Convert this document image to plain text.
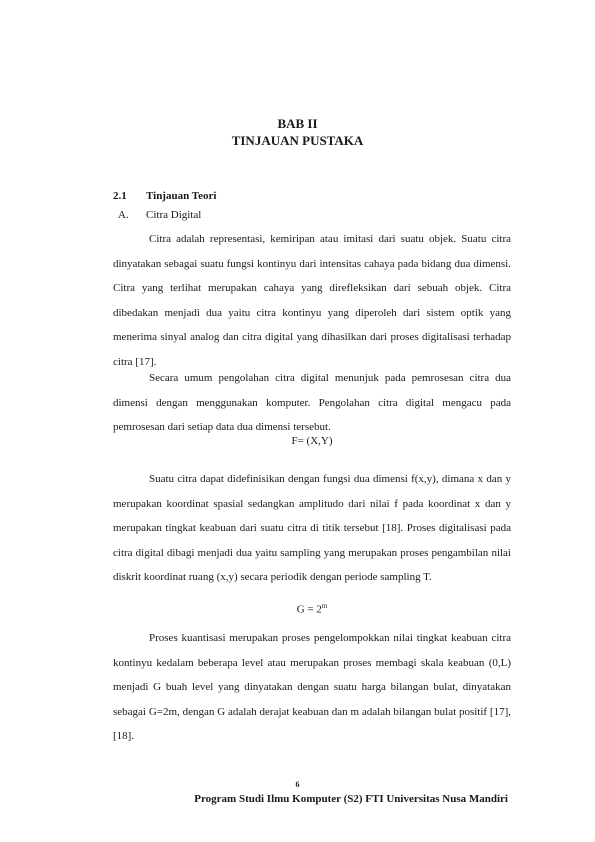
BAB II
TINJAUAN PUSTAKA
2.1 Tinjauan Teori
A. Citra Digital

Citra adalah representasi, kemiripan atau imitasi dari suatu objek. Suatu citra dinyatakan sebagai suatu fungsi kontinyu dari intensitas cahaya pada bidang dua dimensi. Citra yang terlihat merupakan cahaya yang direfleksikan dari sebuah objek. Citra dibedakan menjadi dua yaitu citra kontinyu yang diperoleh dari sistem optik yang menerima sinyal analog dan citra digital yang dihasilkan dari proses digitalisasi terhadap citra [17].

Secara umum pengolahan citra digital menunjuk pada pemrosesan citra dua dimensi dengan menggunakan komputer. Pengolahan citra digital mengacu pada pemrosesan dari setiap data dua dimensi tersebut.

F= (X,Y)

Suatu citra dapat didefinisikan dengan fungsi dua dimensi f(x,y), dimana x dan y merupakan koordinat spasial sedangkan amplitudo dari nilai f pada koordinat x dan y merupakan tingkat keabuan dari suatu citra di titik tersebut [18]. Proses digitalisasi pada citra digital dibagi menjadi dua yaitu sampling yang merupakan proses pengambilan nilai diskrit koordinat ruang (x,y) secara periodik dengan periode sampling T.

$G = 2^m$

Proses kuantisasi merupakan proses pengelompokkan nilai tingkat keabuan citra kontinyu kedalam beberapa level atau merupakan proses membagi skala keabuan (0,L) menjadi G buah level yang dinyatakan dengan suatu harga bilangan bulat, dinyatakan sebagai G=2m, dengan G adalah derajat keabuan dan m adalah bilangan bulat positif [17], [18].

6
Program Studi Ilmu Komputer (S2) FTI Universitas Nusa Mandiri
